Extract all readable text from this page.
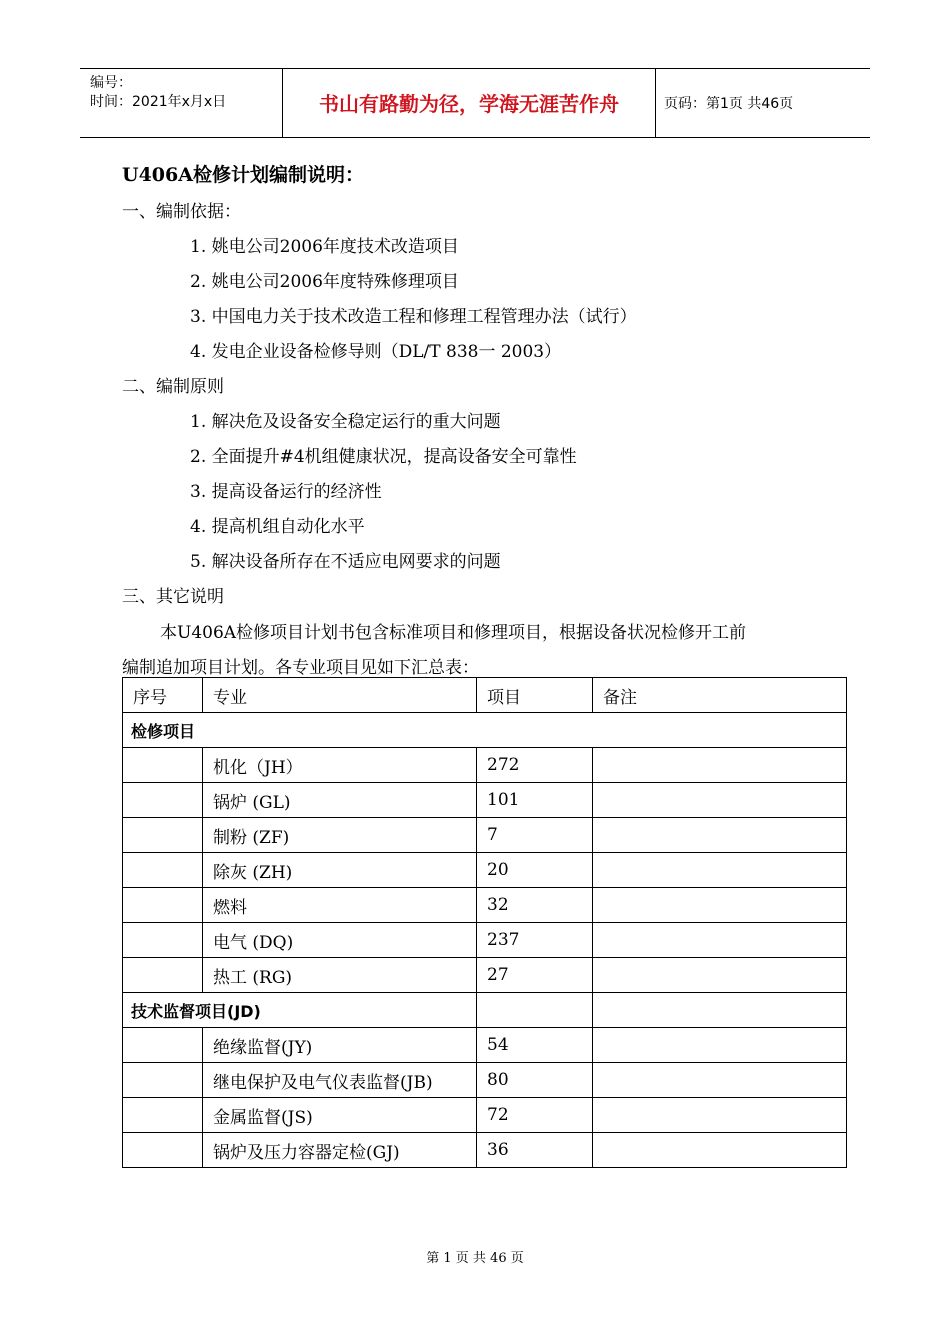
编号：
时间：2021年x月x日	书山有路勤为径，学海无涯苦作舟	页码：第1页 共46页
U406A检修计划编制说明：
一、编制依据：
1. 姚电公司2006年度技术改造项目
2. 姚电公司2006年度特殊修理项目
3. 中国电力关于技术改造工程和修理工程管理办法（试行）
4. 发电企业设备检修导则（DL/T 838一 2003）
二、编制原则
1. 解决危及设备安全稳定运行的重大问题
2. 全面提升#4机组健康状况，提高设备安全可靠性
3. 提高设备运行的经济性
4. 提高机组自动化水平
5. 解决设备所存在不适应电网要求的问题
三、其它说明
本U406A检修项目计划书包含标准项目和修理项目，根据设备状况检修开工前
编制追加项目计划。各专业项目见如下汇总表：
序号	专业	项目	备注
检修项目			
	机化（JH）	272	
	锅炉 (GL)	101	
	制粉 (ZF)	7	
	除灰 (ZH)	20	
	燃料	32	
	电气 (DQ)	237	
	热工 (RG)	27	
技术监督项目(JD)			
	绝缘监督(JY)	54	
	继电保护及电气仪表监督(JB)	80	
	金属监督(JS)	72	
	锅炉及压力容器定检(GJ)	36	
第 1 页 共 46 页
